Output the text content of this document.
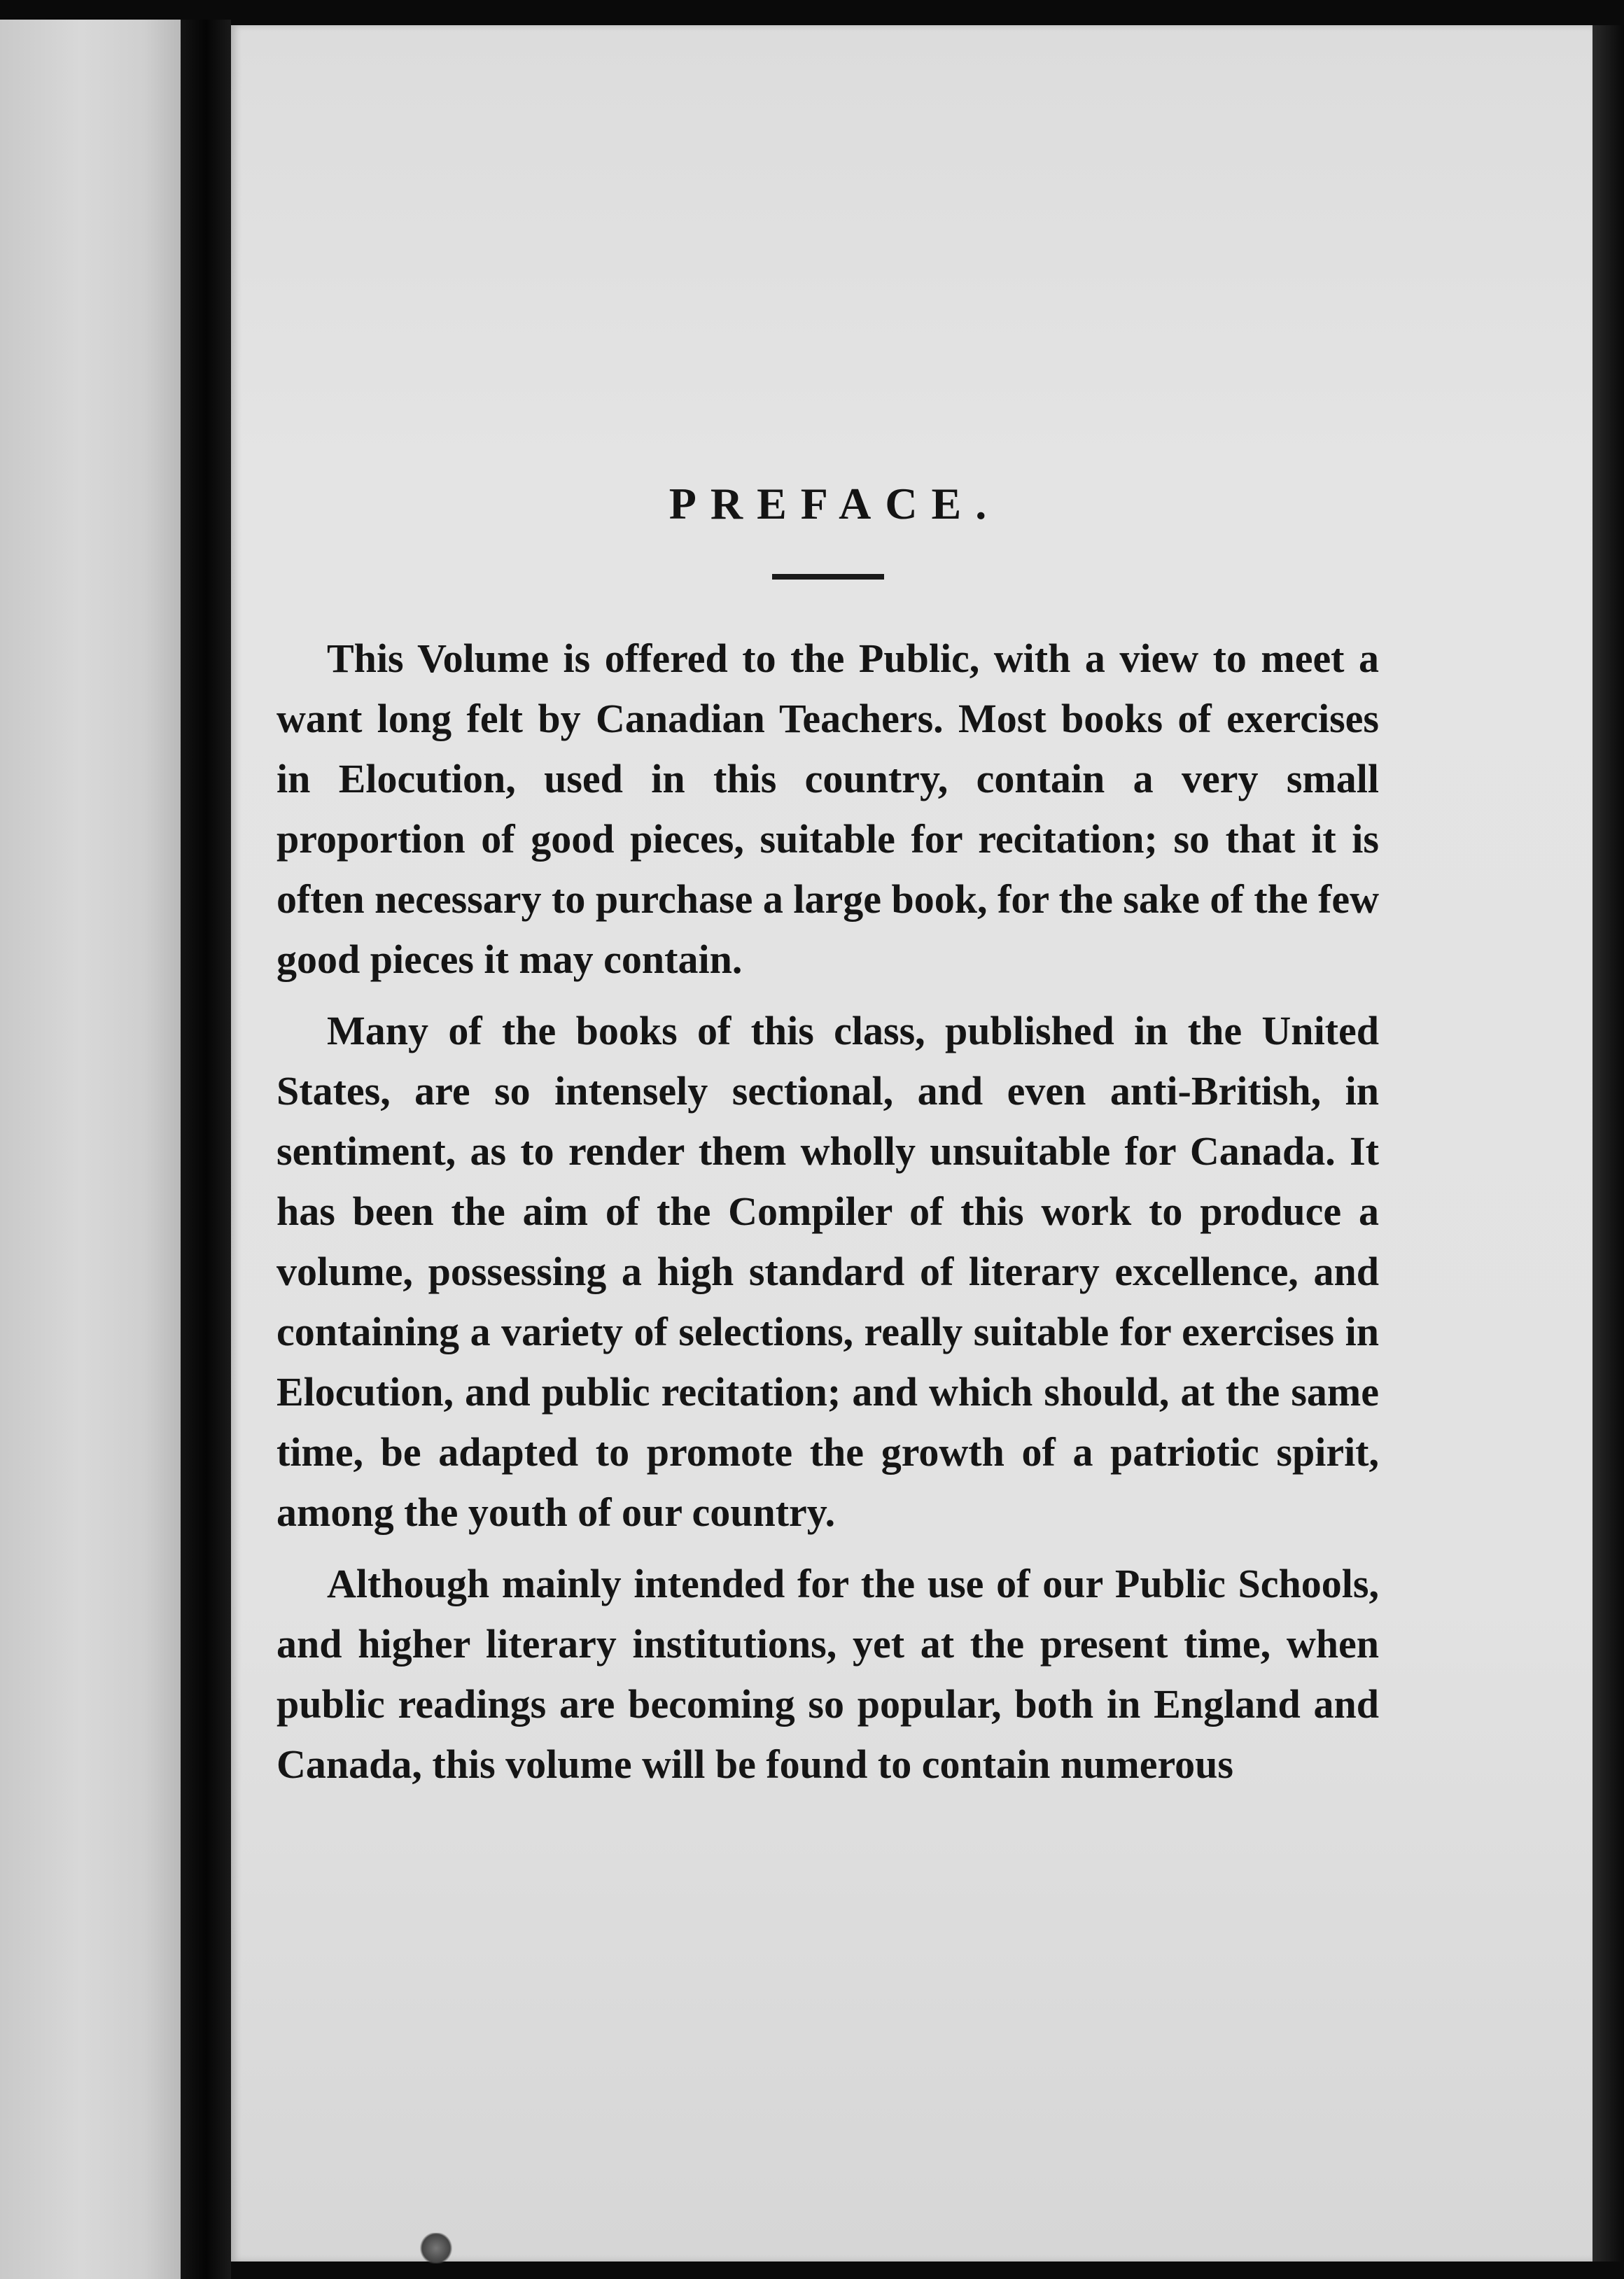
PREFACE.

This Volume is offered to the Public, with a view to meet a want long felt by Canadian Teachers. Most books of exercises in Elocution, used in this country, contain a very small proportion of good pieces, suitable for recitation; so that it is often necessary to purchase a large book, for the sake of the few good pieces it may contain.

Many of the books of this class, published in the United States, are so intensely sectional, and even anti-British, in sentiment, as to render them wholly unsuitable for Canada. It has been the aim of the Compiler of this work to produce a volume, possessing a high standard of literary excellence, and containing a variety of selections, really suitable for exercises in Elocution, and public recitation; and which should, at the same time, be adapted to promote the growth of a patriotic spirit, among the youth of our country.

Although mainly intended for the use of our Public Schools, and higher literary institutions, yet at the present time, when public readings are becoming so popular, both in England and Canada, this volume will be found to contain numerous
